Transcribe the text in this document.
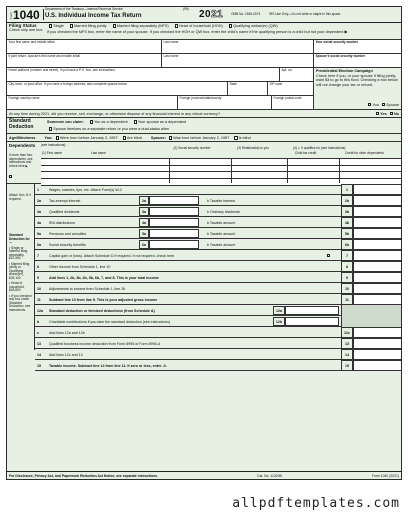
Form 1040 Department of the Treasury—Internal Revenue Service
U.S. Individual Income Tax Return
(99) 2021 OMB No. 1545-0074	IRS Use Only—Do not write or staple in this space.
Filing Status
Check only one box.
Single	Married filing jointly	Married filing separately (MFS)	Head of household (HOH)	Qualifying widow(er) (QW)
If you checked the MFS box, enter the name of your spouse. If you checked the HOH or QW box, enter the child's name if the qualifying person is a child but not your dependent ▶
Your first name and middle initial	Last name	Your social security number
If joint return, spouse's first name and middle initial	Last name	Spouse's social security number
Home address (number and street). If you have a P.O. box, see instructions.	Apt. no.
City, town, or post office. If you have a foreign address, also complete spaces below.	State	ZIP code
Foreign country name	Foreign province/state/county	Foreign postal code
Presidential Election Campaign
Check here if you, or your spouse if filing jointly, want $3 to go to this fund. Checking a box below will not change your tax or refund.
You Spouse
At any time during 2021, did you receive, sell, exchange, or otherwise dispose of any financial interest in any virtual currency?	Yes No
Standard Deduction
Someone can claim:	You as a dependent	Your spouse as a dependent
Spouse itemizes on a separate return or you were a dual-status alien
Age/Blindness You: Were born before January 2, 1957 Are blind Spouse: Was born before January 2, 1957 Is blind
Dependents
If more than four dependents, see instructions and check here ▶
(see instructions):
(1) First name	Last name
(2) Social security number	(3) Relationship to you	(4) ✔ if qualifies for (see instructions):
Child tax credit	Credit for other dependents
Attach Sch. B if required.
Standard Deduction for—
• Single or Married filing separately, $12,550
• Married filing jointly or Qualifying widow(er), $25,100
• Head of household, $18,800
• If you checked any box under Standard Deduction, see instructions.
1	Wages, salaries, tips, etc. Attach Form(s) W-2	1
2a Tax-exempt interest	2a	b Taxable interest	2b
3a Qualified dividends	3a	b Ordinary dividends	3b
4a IRA distributions	4a	b Taxable amount	4b
5a Pensions and annuities	5a	b Taxable amount	5b
6a Social security benefits	6a	b Taxable amount	6b
7	Capital gain or (loss). Attach Schedule D if required. If not required, check here	7
8	Other income from Schedule 1, line 10	8
9	Add lines 1, 2b, 3b, 4b, 5b, 6b, 7, and 8. This is your total income	9
10 Adjustments to income from Schedule 1, line 26	10
11 Subtract line 10 from line 9. This is your adjusted gross income	11
12a Standard deduction or itemized deductions (from Schedule A)	12a
b	Charitable contributions if you take the standard deduction (see instructions)	12b
c	Add lines 12a and 12b	12c
13 Qualified business income deduction from Form 8995 or Form 8995-A	13
14 Add lines 12c and 13	14
15 Taxable income. Subtract line 14 from line 11. If zero or less, enter -0-	15
For Disclosure, Privacy Act, and Paperwork Reduction Act Notice, see separate instructions.	Cat. No. 11320B	Form 1040 (2021)
allpdftemplates.com
